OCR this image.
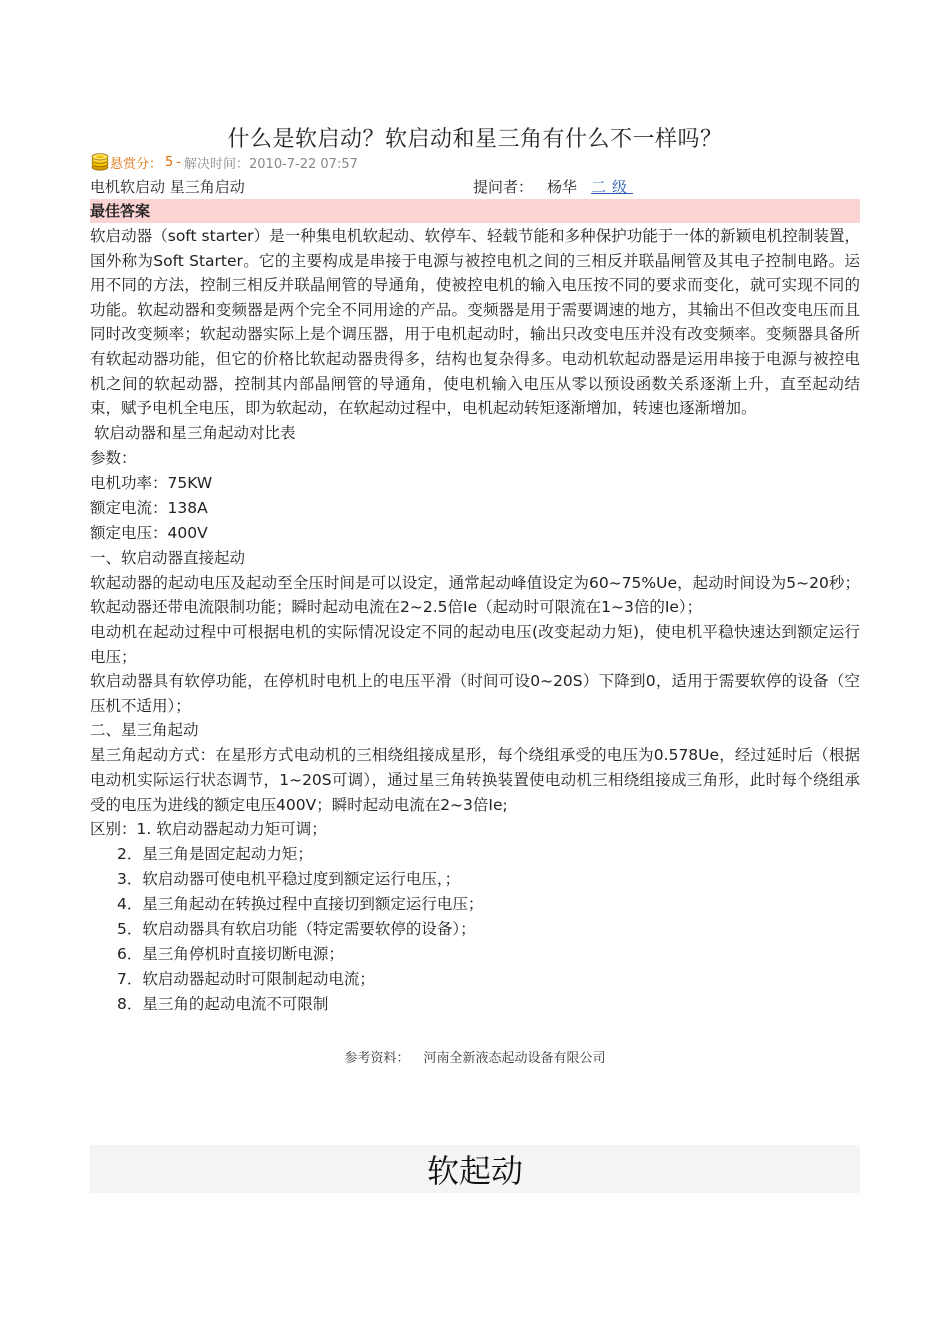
什么是软启动？软启动和星三角有什么不一样吗？
悬赏分： 5 - 解决时间：2010-7-22 07:57
电机软启动 星三角启动	提问者： 杨华 二级
最佳答案

软启动器（soft starter）是一种集电机软起动、软停车、轻载节能和多种保护功能于一体的新颖电机控制装置，国外称为Soft Starter。它的主要构成是串接于电源与被控电机之间的三相反并联晶闸管及其电子控制电路。运用不同的方法，控制三相反并联晶闸管的导通角，使被控电机的输入电压按不同的要求而变化，就可实现不同的功能。软起动器和变频器是两个完全不同用途的产品。变频器是用于需要调速的地方，其输出不但改变电压而且同时改变频率；软起动器实际上是个调压器，用于电机起动时，输出只改变电压并没有改变频率。变频器具备所有软起动器功能，但它的价格比软起动器贵得多，结构也复杂得多。电动机软起动器是运用串接于电源与被控电机之间的软起动器，控制其内部晶闸管的导通角，使电机输入电压从零以预设函数关系逐渐上升，直至起动结束，赋予电机全电压，即为软起动，在软起动过程中，电机起动转矩逐渐增加，转速也逐渐增加。

软启动器和星三角起动对比表

参数：

电机功率：75KW

额定电流：138A

额定电压：400V

一、软启动器直接起动

软起动器的起动电压及起动至全压时间是可以设定，通常起动峰值设定为60~75%Ue，起动时间设为5~20秒；软起动器还带电流限制功能；瞬时起动电流在2~2.5倍Ie（起动时可限流在1~3倍的Ie）；

电动机在起动过程中可根据电机的实际情况设定不同的起动电压(改变起动力矩)，使电机平稳快速达到额定运行电压；

软启动器具有软停功能，在停机时电机上的电压平滑（时间可设0~20S）下降到0，适用于需要软停的设备（空压机不适用）；

二、星三角起动

星三角起动方式：在星形方式电动机的三相绕组接成星形，每个绕组承受的电压为0.578Ue，经过延时后（根据电动机实际运行状态调节，1~20S可调），通过星三角转换装置使电动机三相绕组接成三角形，此时每个绕组承受的电压为进线的额定电压400V；瞬时起动电流在2~3倍Ie;

区别：1. 软启动器起动力矩可调；

2．星三角是固定起动力矩；

3．软启动器可使电机平稳过度到额定运行电压，；

4．星三角起动在转换过程中直接切到额定运行电压；

5．软启动器具有软启功能（特定需要软停的设备）；

6．星三角停机时直接切断电源；

7．软启动器起动时可限制起动电流；

8．星三角的起动电流不可限制

参考资料： 河南全新液态起动设备有限公司
软起动
